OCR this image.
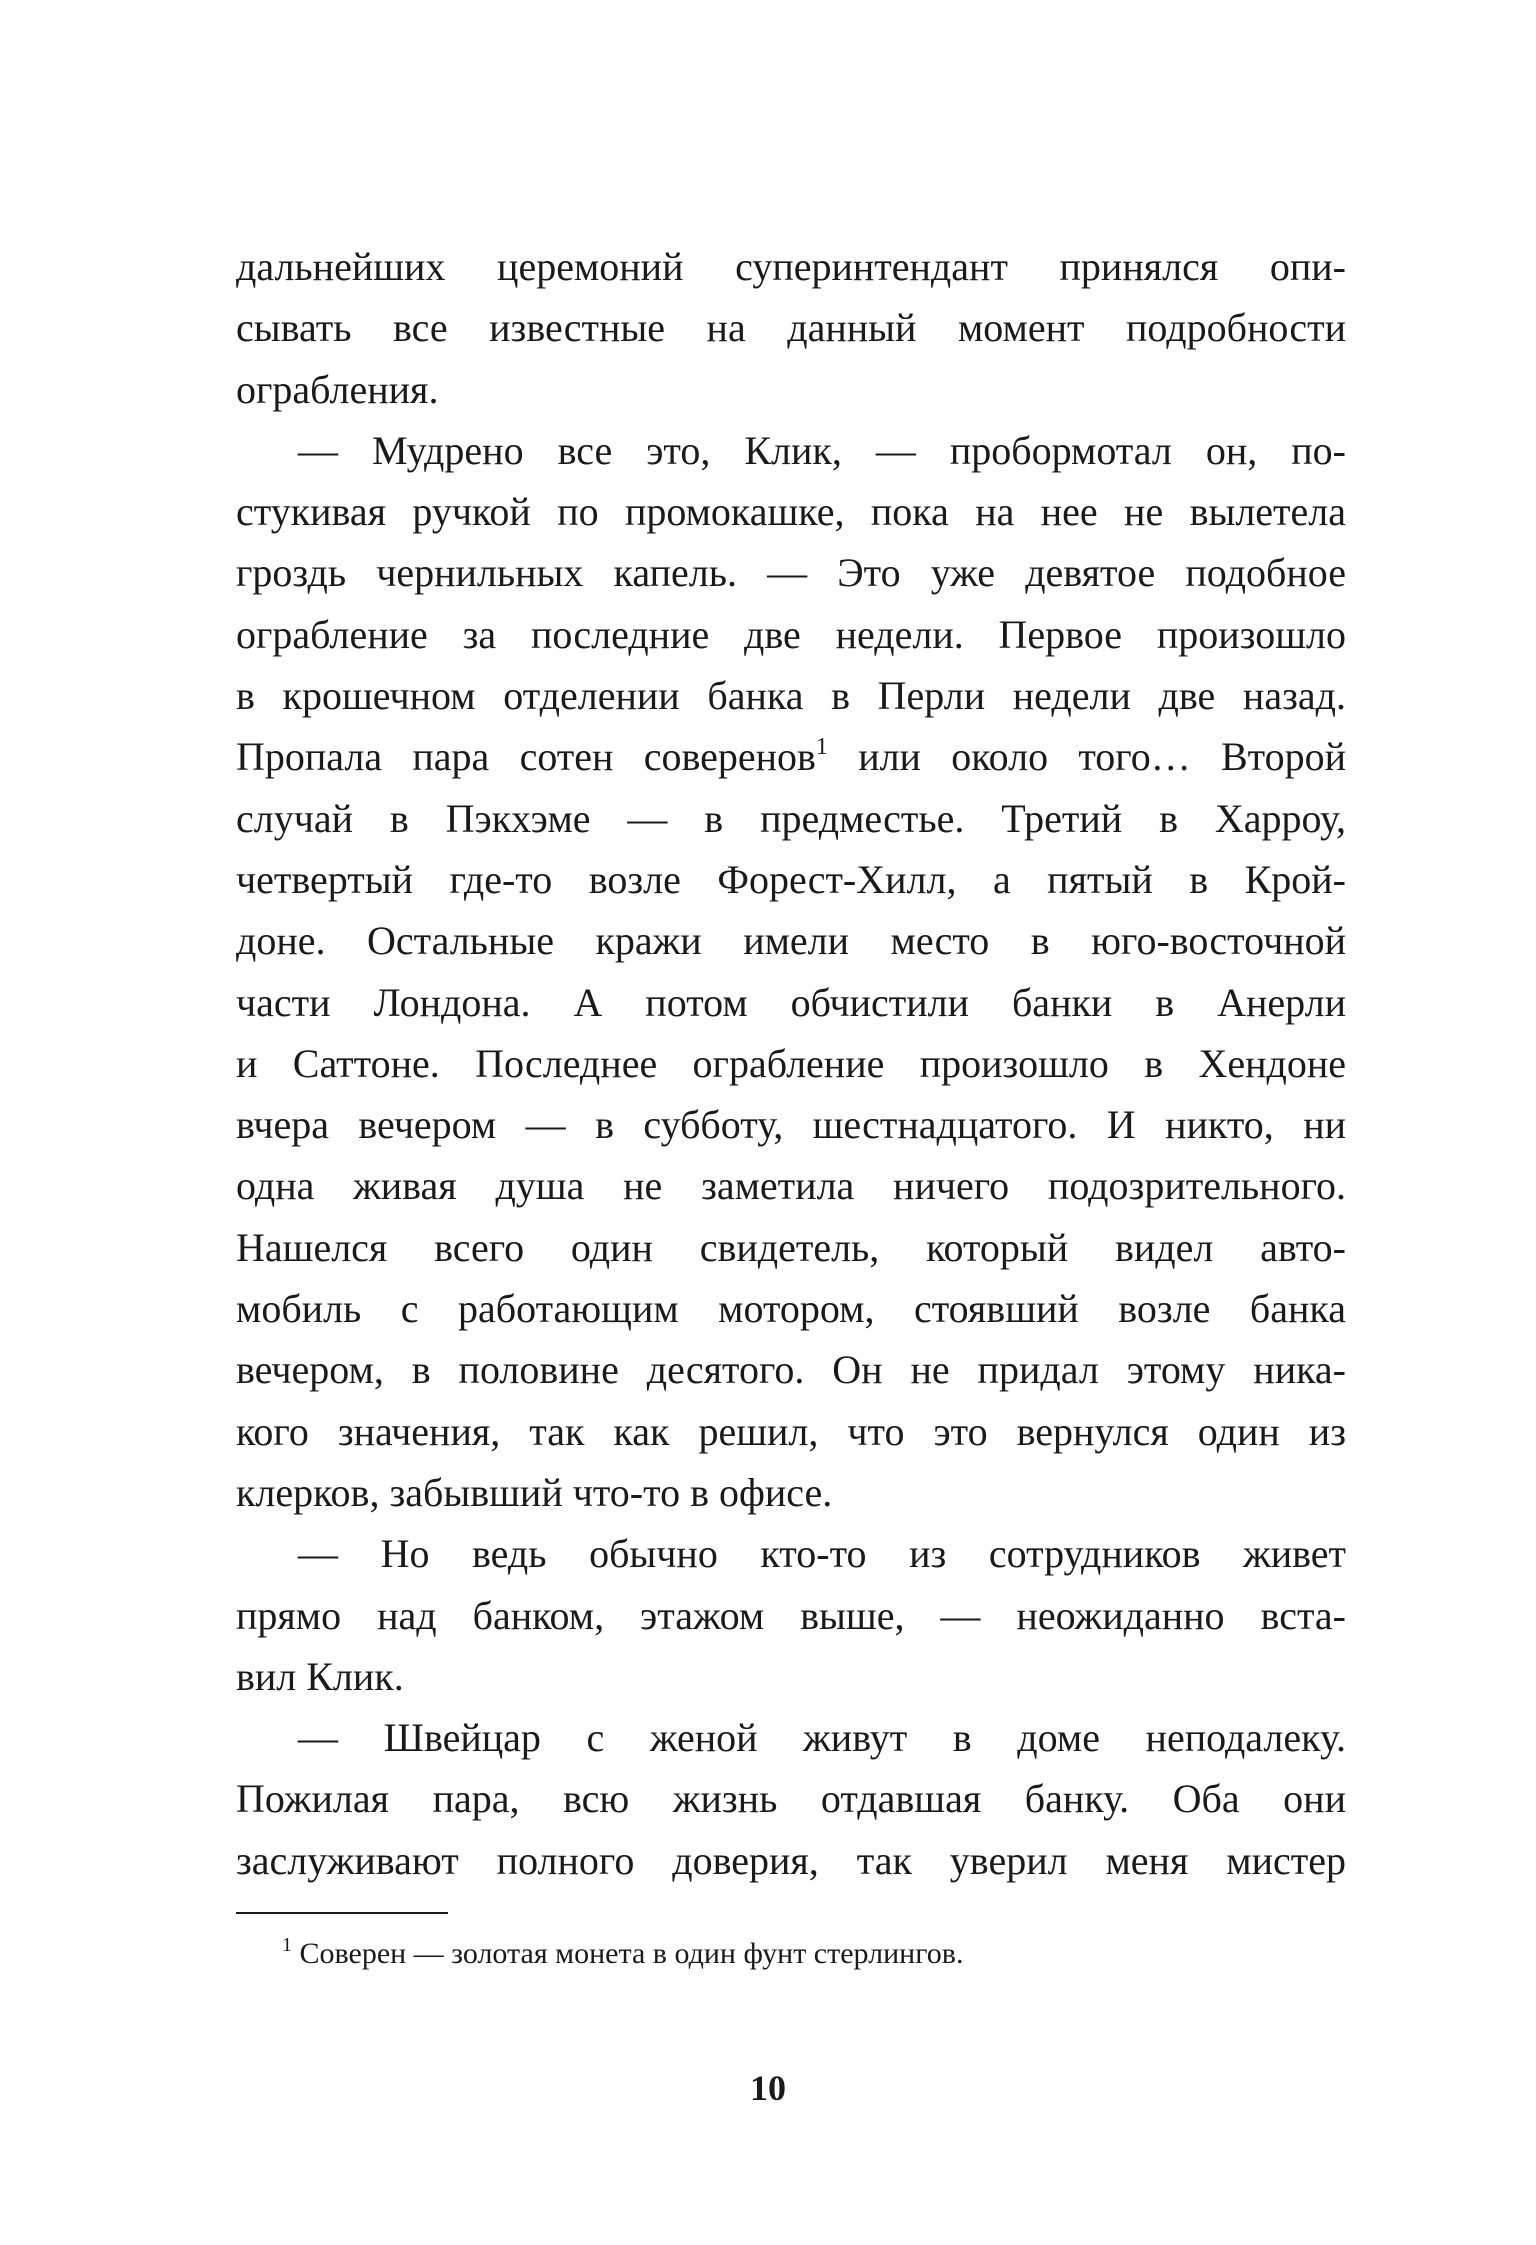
дальнейших церемоний суперинтендант принялся опи-
сывать все известные на данный момент подробности
ограбления.
— Мудрено все это, Клик, — пробормотал он, по-
стукивая ручкой по промокашке, пока на нее не вылетела
гроздь чернильных капель. — Это уже девятое подобное
ограбление за последние две недели. Первое произошло
в крошечном отделении банка в Перли недели две назад.
Пропала пара сотен соверенов$^1$ или около того… Второй
случай в Пэкхэме — в предместье. Третий в Харроу,
четвертый где-то возле Форест-Хилл, а пятый в Крой-
доне. Остальные кражи имели место в юго-восточной
части Лондона. А потом обчистили банки в Анерли
и Саттоне. Последнее ограбление произошло в Хендоне
вчера вечером — в субботу, шестнадцатого. И никто, ни
одна живая душа не заметила ничего подозрительного.
Нашелся всего один свидетель, который видел авто-
мобиль с работающим мотором, стоявший возле банка
вечером, в половине десятого. Он не придал этому ника-
кого значения, так как решил, что это вернулся один из
клерков, забывший что-то в офисе.
— Но ведь обычно кто-то из сотрудников живет
прямо над банком, этажом выше, — неожиданно вста-
вил Клик.
— Швейцар с женой живут в доме неподалеку.
Пожилая пара, всю жизнь отдавшая банку. Оба они
заслуживают полного доверия, так уверил меня мистер
$^1$ Соверен — золотая монета в один фунт стерлингов.
10
